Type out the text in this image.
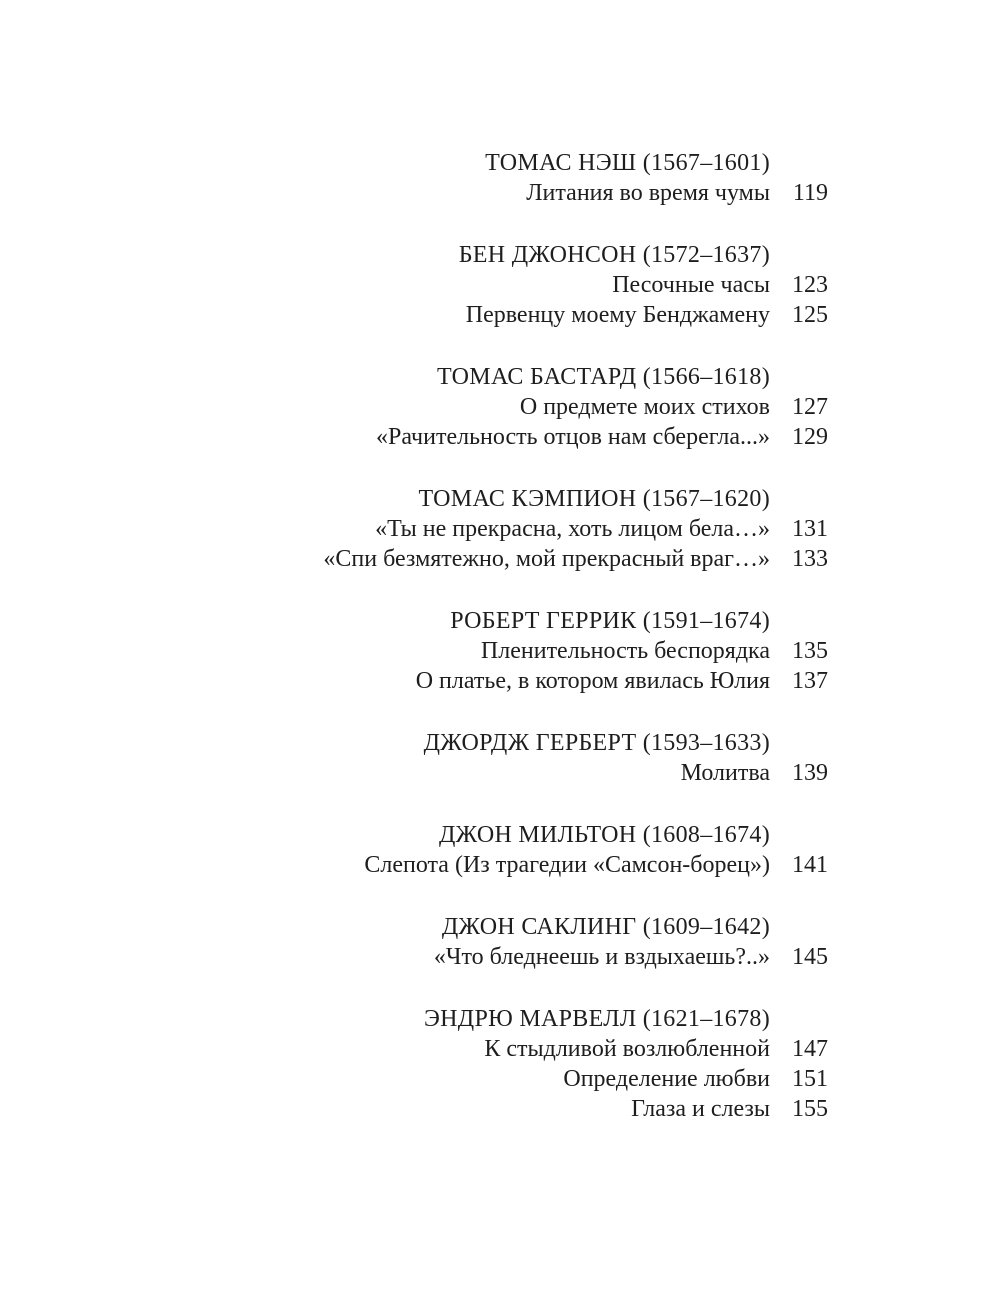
ТОМАС НЭШ (1567–1601)
Литания во время чумы 119
БЕН ДЖОНСОН (1572–1637)
Песочные часы 123
Первенцу моему Бенджамену 125
ТОМАС БАСТАРД (1566–1618)
О предмете моих стихов 127
«Рачительность отцов нам сберегла...» 129
ТОМАС КЭМПИОН (1567–1620)
«Ты не прекрасна, хоть лицом бела…» 131
«Спи безмятежно, мой прекрасный враг…» 133
РОБЕРТ ГЕРРИК (1591–1674)
Пленительность беспорядка 135
О платье, в котором явилась Юлия 137
ДЖОРДЖ ГЕРБЕРТ (1593–1633)
Молитва 139
ДЖОН МИЛЬТОН (1608–1674)
Слепота (Из трагедии «Самсон-борец») 141
ДЖОН САКЛИНГ (1609–1642)
«Что бледнеешь и вздыхаешь?..» 145
ЭНДРЮ МАРВЕЛЛ (1621–1678)
К стыдливой возлюбленной 147
Определение любви 151
Глаза и слезы 155
